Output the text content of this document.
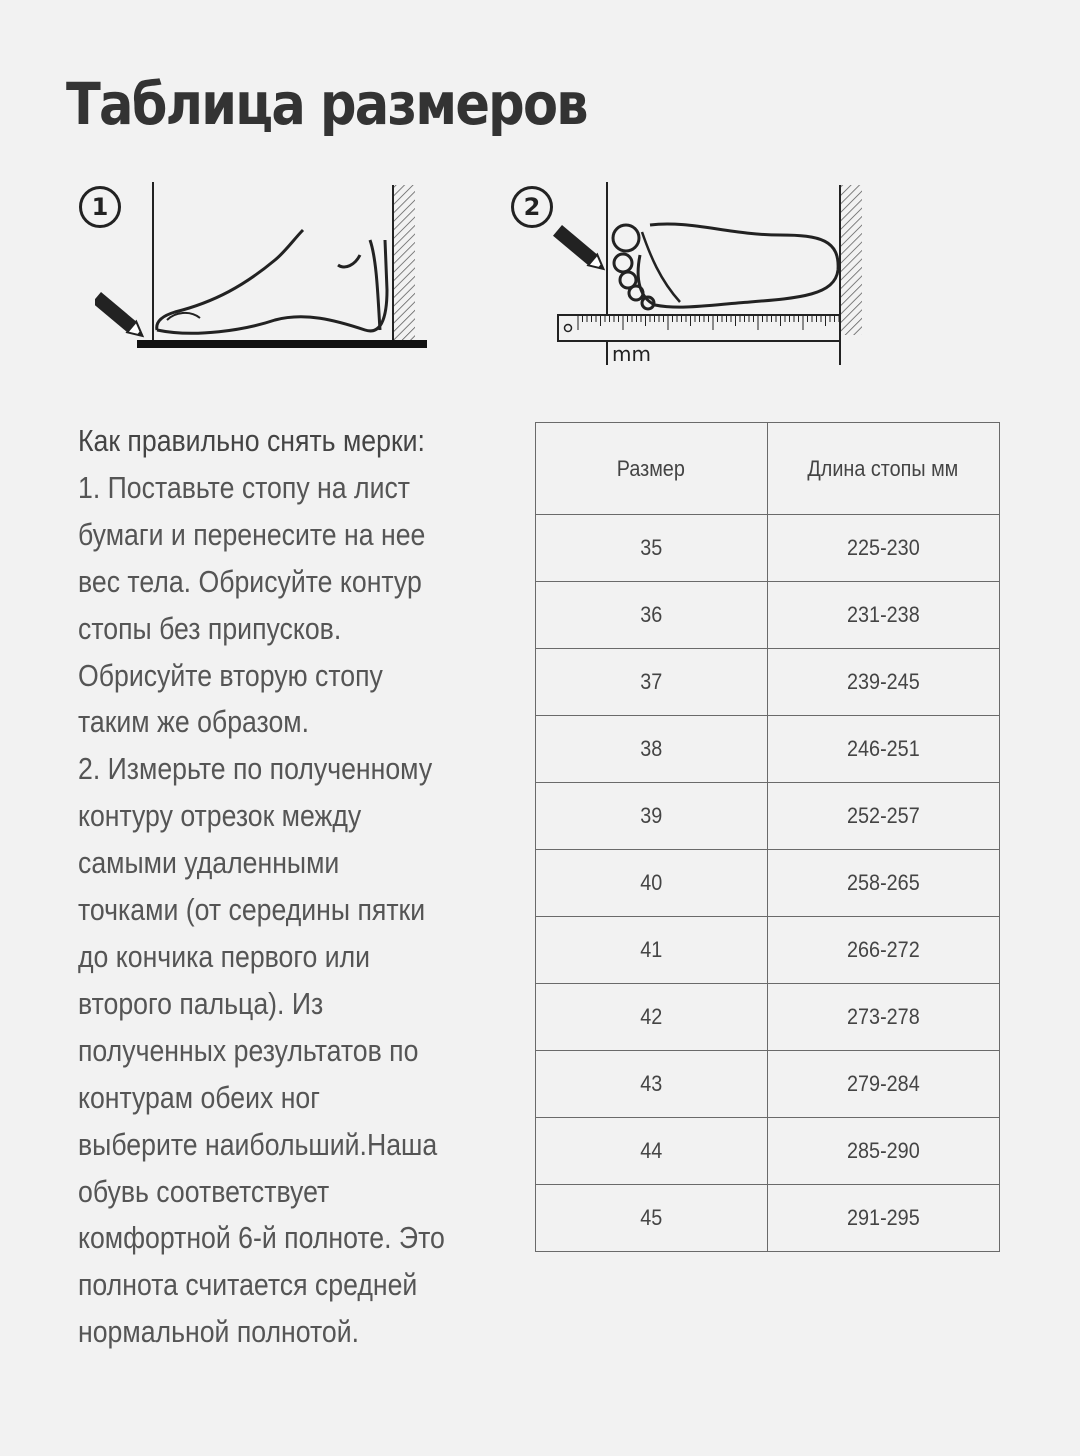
Таблица размеров
1	2
mm

Как правильно снять мерки:

1. Поставьте стопу на лист

бумаги и перенесите на нее

вес тела. Обрисуйте контур

стопы без припусков.

Обрисуйте вторую стопу

таким же образом.

2. Измерьте по полученному

контуру отрезок между

самыми удаленными

точками (от середины пятки

до кончика первого или

второго пальца). Из

полученных результатов по

контурам обеих ног

выберите наибольший.Наша

обувь соответствует

комфортной 6-й полноте. Это

полнота считается средней

нормальной полнотой.

Размер	Длина стопы мм
35	225-230
36	231-238
37	239-245
38	246-251
39	252-257
40	258-265
41	266-272
42	273-278
43	279-284
44	285-290
45	291-295
